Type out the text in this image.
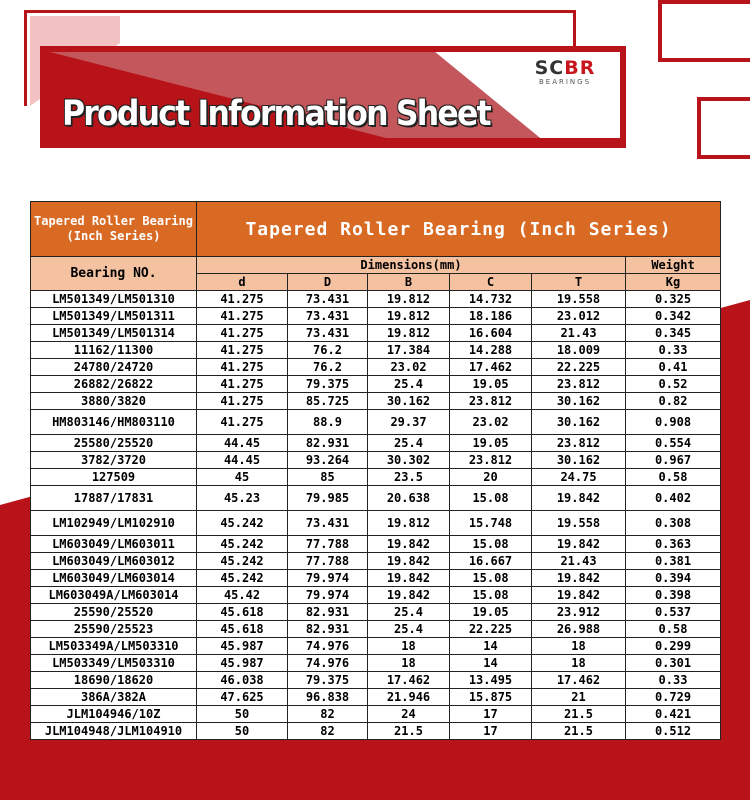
SCBR
BEARINGS
Product Information Sheet
Tapered Roller Bearing (Inch Series)	Tapered Roller Bearing (Inch Series)					
Bearing NO.	Dimensions(mm)					Weight
	d	D	B	C	T	Kg
LM501349/LM501310	41.275	73.431	19.812	14.732	19.558	0.325
LM501349/LM501311	41.275	73.431	19.812	18.186	23.012	0.342
LM501349/LM501314	41.275	73.431	19.812	16.604	21.43	0.345
11162/11300	41.275	76.2	17.384	14.288	18.009	0.33
24780/24720	41.275	76.2	23.02	17.462	22.225	0.41
26882/26822	41.275	79.375	25.4	19.05	23.812	0.52
3880/3820	41.275	85.725	30.162	23.812	30.162	0.82
HM803146/HM803110	41.275	88.9	29.37	23.02	30.162	0.908
25580/25520	44.45	82.931	25.4	19.05	23.812	0.554
3782/3720	44.45	93.264	30.302	23.812	30.162	0.967
127509	45	85	23.5	20	24.75	0.58
17887/17831	45.23	79.985	20.638	15.08	19.842	0.402
LM102949/LM102910	45.242	73.431	19.812	15.748	19.558	0.308
LM603049/LM603011	45.242	77.788	19.842	15.08	19.842	0.363
LM603049/LM603012	45.242	77.788	19.842	16.667	21.43	0.381
LM603049/LM603014	45.242	79.974	19.842	15.08	19.842	0.394
LM603049A/LM603014	45.42	79.974	19.842	15.08	19.842	0.398
25590/25520	45.618	82.931	25.4	19.05	23.912	0.537
25590/25523	45.618	82.931	25.4	22.225	26.988	0.58
LM503349A/LM503310	45.987	74.976	18	14	18	0.299
LM503349/LM503310	45.987	74.976	18	14	18	0.301
18690/18620	46.038	79.375	17.462	13.495	17.462	0.33
386A/382A	47.625	96.838	21.946	15.875	21	0.729
JLM104946/10Z	50	82	24	17	21.5	0.421
JLM104948/JLM104910	50	82	21.5	17	21.5	0.512
